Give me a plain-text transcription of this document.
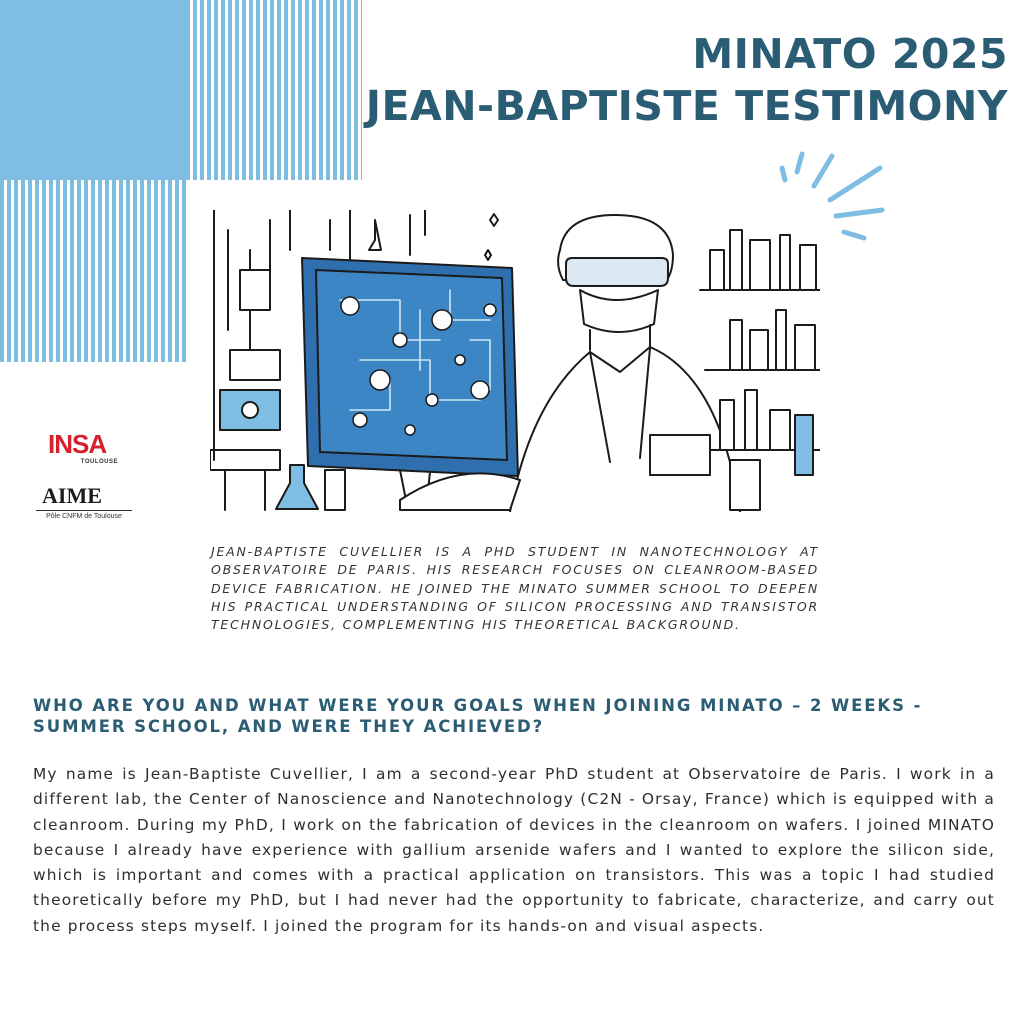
MINATO 2025
JEAN-BAPTISTE TESTIMONY
INSA
TOULOUSE
AIME
Pôle CNFM de Toulouse

JEAN-BAPTISTE CUVELLIER IS A PHD STUDENT IN NANOTECHNOLOGY AT OBSERVATOIRE DE PARIS. HIS RESEARCH FOCUSES ON CLEANROOM-BASED DEVICE FABRICATION. HE JOINED THE MINATO SUMMER SCHOOL TO DEEPEN HIS PRACTICAL UNDERSTANDING OF SILICON PROCESSING AND TRANSISTOR TECHNOLOGIES, COMPLEMENTING HIS THEORETICAL BACKGROUND.

WHO ARE YOU AND WHAT WERE YOUR GOALS WHEN JOINING MINATO – 2 WEEKS - SUMMER SCHOOL, AND WERE THEY ACHIEVED?

My name is Jean-Baptiste Cuvellier, I am a second-year PhD student at Observatoire de Paris. I work in a different lab, the Center of Nanoscience and Nanotechnology (C2N - Orsay, France) which is equipped with a cleanroom. During my PhD, I work on the fabrication of devices in the cleanroom on wafers. I joined MINATO because I already have experience with gallium arsenide wafers and I wanted to explore the silicon side, which is important and comes with a practical application on transistors. This was a topic I had studied theoretically before my PhD, but I had never had the opportunity to fabricate, characterize, and carry out the process steps myself. I joined the program for its hands-on and visual aspects.
